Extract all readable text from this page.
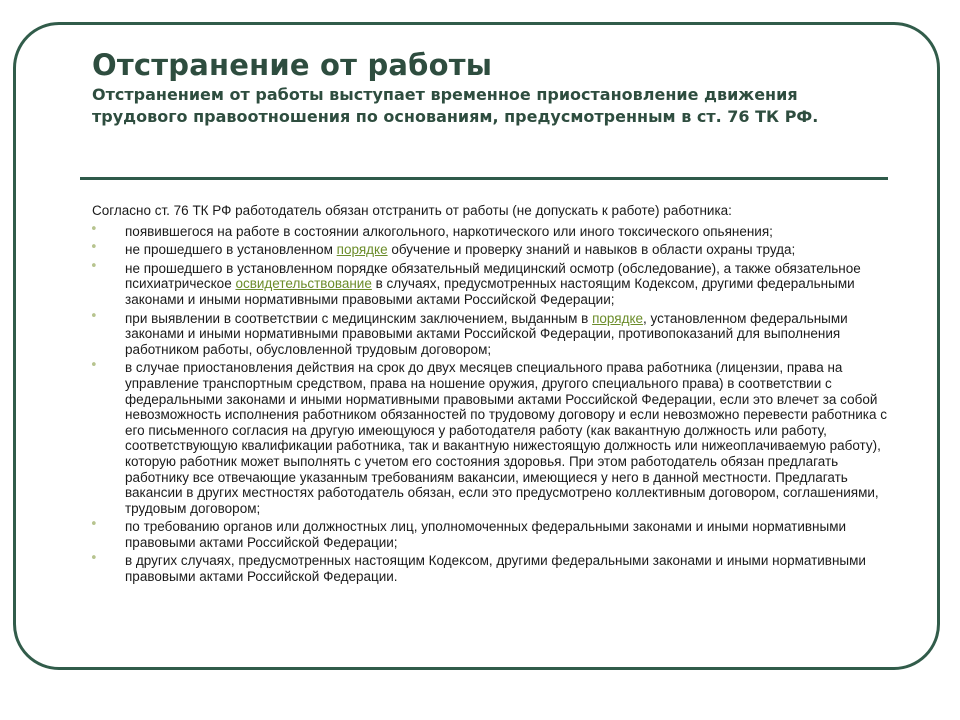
Отстранение от работы
Отстранением от работы выступает временное приостановление движения трудового правоотношения по основаниям, предусмотренным в ст. 76 ТК РФ.

Согласно ст. 76 ТК РФ работодатель обязан отстранить от работы (не допускать к работе) работника:

• появившегося на работе в состоянии алкогольного, наркотического или иного токсического опьянения;
• не прошедшего в установленном порядке обучение и проверку знаний и навыков в области охраны труда;
• не прошедшего в установленном порядке обязательный медицинский осмотр (обследование), а также обязательное психиатрическое освидетельствование в случаях, предусмотренных настоящим Кодексом, другими федеральными законами и иными нормативными правовыми актами Российской Федерации;
• при выявлении в соответствии с медицинским заключением, выданным в порядке, установленном федеральными законами и иными нормативными правовыми актами Российской Федерации, противопоказаний для выполнения работником работы, обусловленной трудовым договором;
• в случае приостановления действия на срок до двух месяцев специального права работника (лицензии, права на управление транспортным средством, права на ношение оружия, другого специального права) в соответствии с федеральными законами и иными нормативными правовыми актами Российской Федерации, если это влечет за собой невозможность исполнения работником обязанностей по трудовому договору и если невозможно перевести работника с его письменного согласия на другую имеющуюся у работодателя работу (как вакантную должность или работу, соответствующую квалификации работника, так и вакантную нижестоящую должность или нижеоплачиваемую работу), которую работник может выполнять с учетом его состояния здоровья. При этом работодатель обязан предлагать работнику все отвечающие указанным требованиям вакансии, имеющиеся у него в данной местности. Предлагать вакансии в других местностях работодатель обязан, если это предусмотрено коллективным договором, соглашениями, трудовым договором;
• по требованию органов или должностных лиц, уполномоченных федеральными законами и иными нормативными правовыми актами Российской Федерации;
• в других случаях, предусмотренных настоящим Кодексом, другими федеральными законами и иными нормативными правовыми актами Российской Федерации.
